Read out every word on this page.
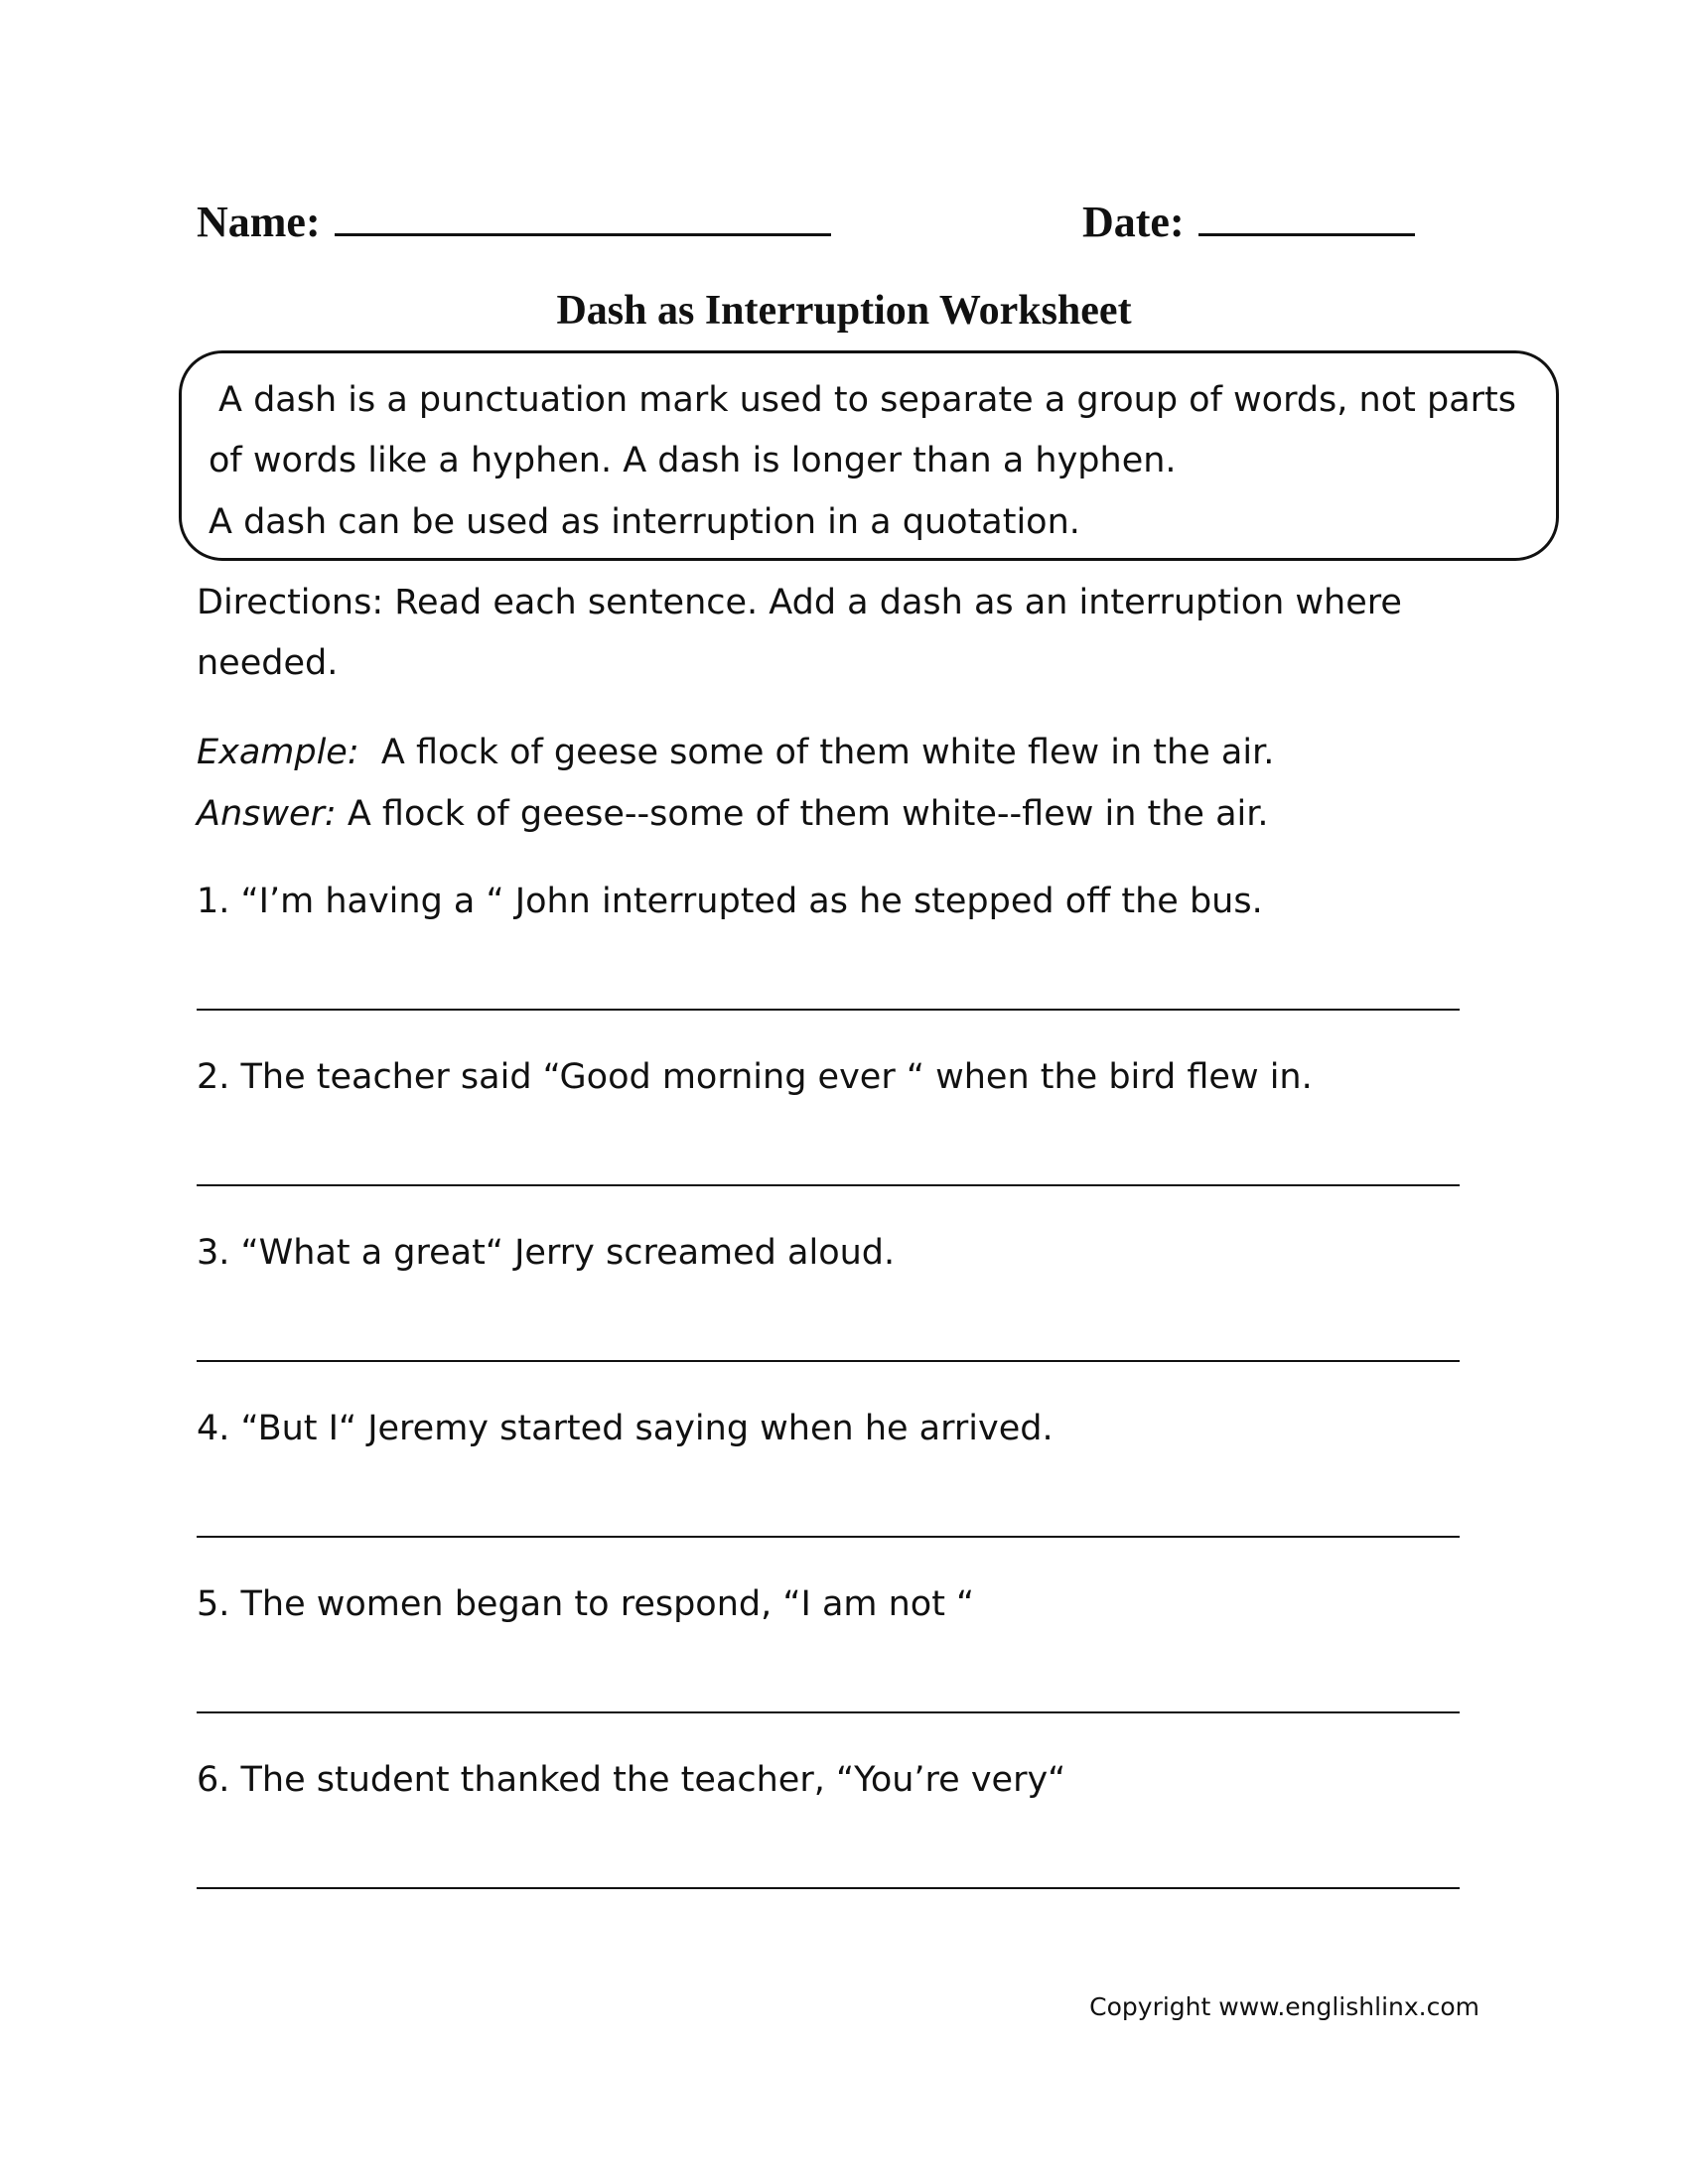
Name:	Date:
Dash as Interruption Worksheet
A dash is a punctuation mark used to separate a group of words, not parts
of words like a hyphen. A dash is longer than a hyphen.
A dash can be used as interruption in a quotation.
Directions: Read each sentence. Add a dash as an interruption where
needed.
Example: A flock of geese some of them white flew in the air.
Answer: A flock of geese--some of them white--flew in the air.
1. “I’m having a “ John interrupted as he stepped off the bus.
2. The teacher said “Good morning ever “ when the bird flew in.
3. “What a great“ Jerry screamed aloud.
4. “But I“ Jeremy started saying when he arrived.
5. The women began to respond, “I am not “
6. The student thanked the teacher, “You’re very“
Copyright www.englishlinx.com
